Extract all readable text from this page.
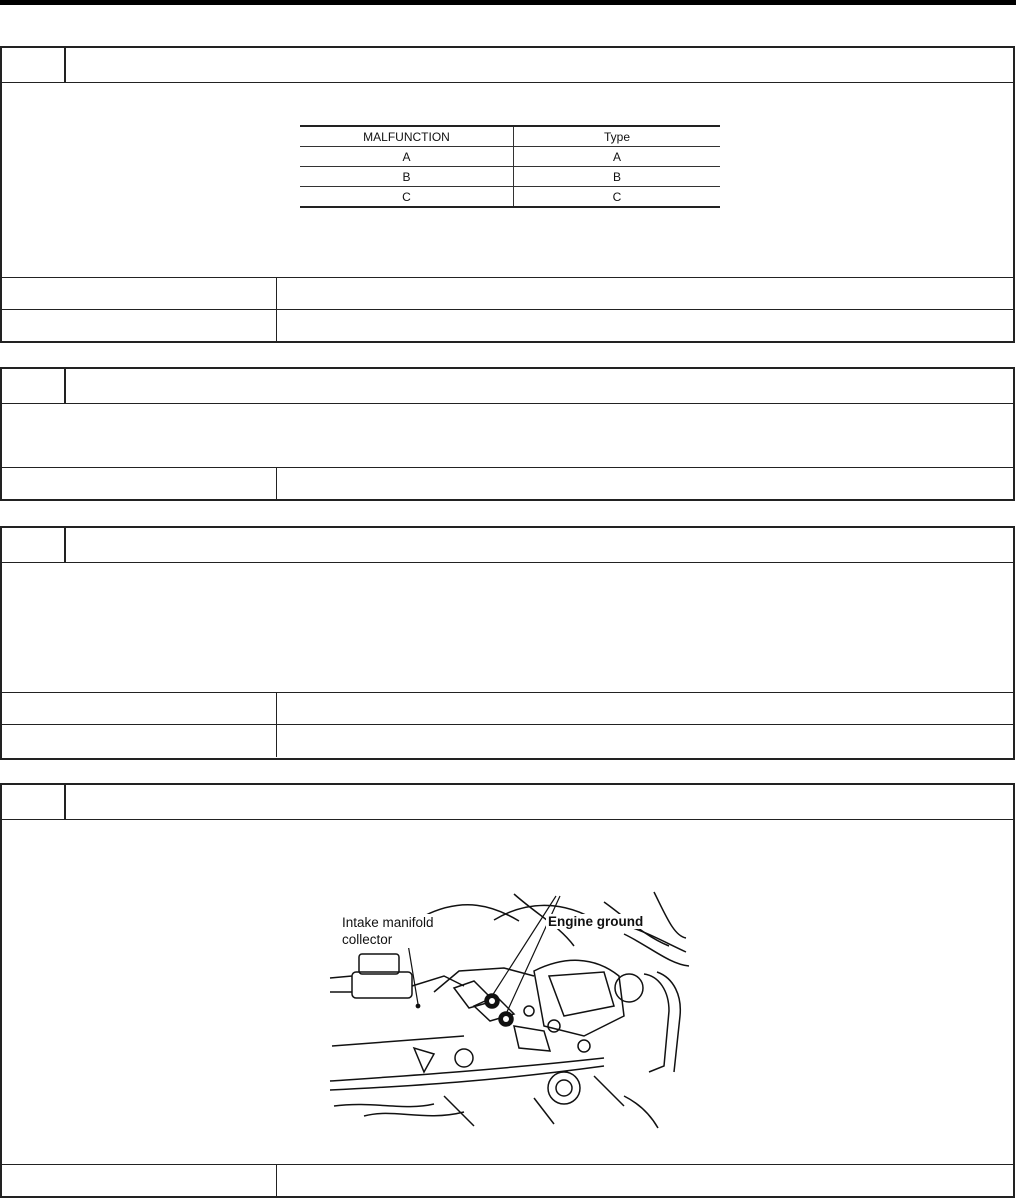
MALFUNCTION	Type
A	A
B	B
C	C
Intake manifold
collector
Engine ground
